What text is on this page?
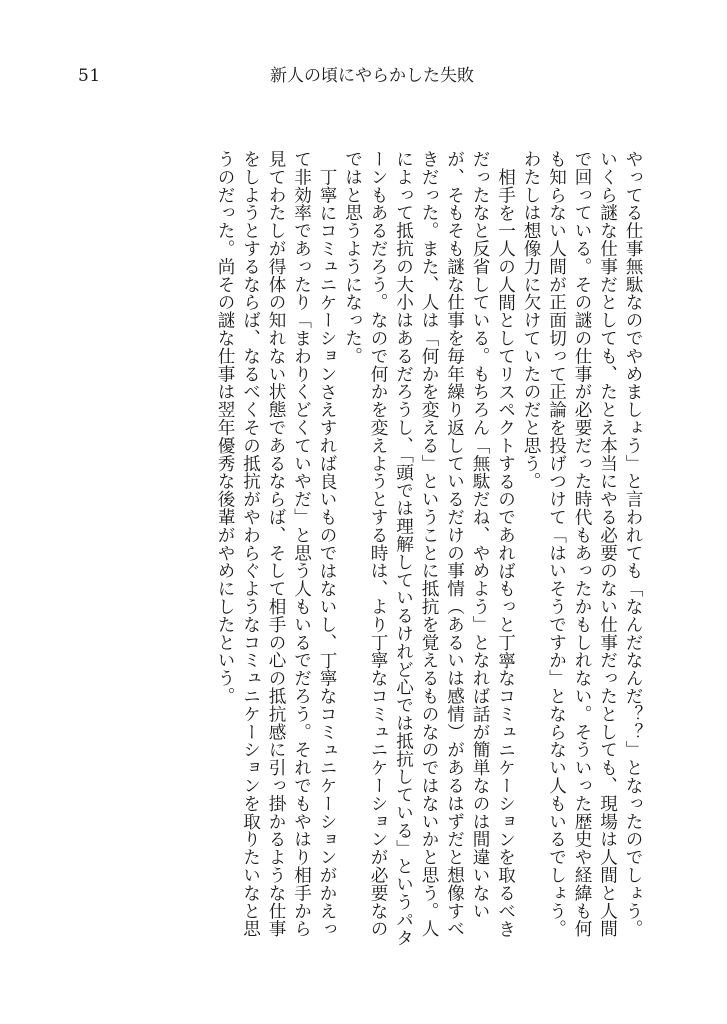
51	新人の頃にやらかした失敗

やってる仕事無駄なのでやめましょう」と言われても「なんだなんだ？？」となったのでしょう。いくら謎な仕事だとしても、たとえ本当にやる必要のない仕事だったとしても、現場は人間と人間で回っている。その謎の仕事が必要だった時代もあったかもしれない。そういった歴史や経緯も何も知らない人間が正面切って正論を投げつけて「はいそうですか」とならない人もいるでしょう。わたしは想像力に欠けていたのだと思う。

相手を一人の人間としてリスペクトするのであればもっと丁寧なコミュニケーションを取るべきだったなと反省している。もちろん「無駄だね、やめよう」となれば話が簡単なのは間違いないが、そもそも謎な仕事を毎年繰り返しているだけの事情（あるいは感情）があるはずだと想像すべきだった。また、人は「何かを変える」ということに抵抗を覚えるものなのではないかと思う。人によって抵抗の大小はあるだろうし、「頭では理解しているけれど心では抵抗している」というパターンもあるだろう。なので何かを変えようとする時は、より丁寧なコミュニケーションが必要なのではと思うようになった。

丁寧にコミュニケーションさえすれば良いものではないし、丁寧なコミュニケーションがかえって非効率であったり「まわりくどくていやだ」と思う人もいるでだろう。それでもやはり相手から見てわたしが得体の知れない状態であるならば、そして相手の心の抵抗感に引っ掛かるような仕事をしようとするならば、なるべくその抵抗がやわらぐようなコミュニケーションを取りたいなと思うのだった。尚その謎な仕事は翌年優秀な後輩がやめにしたという。
